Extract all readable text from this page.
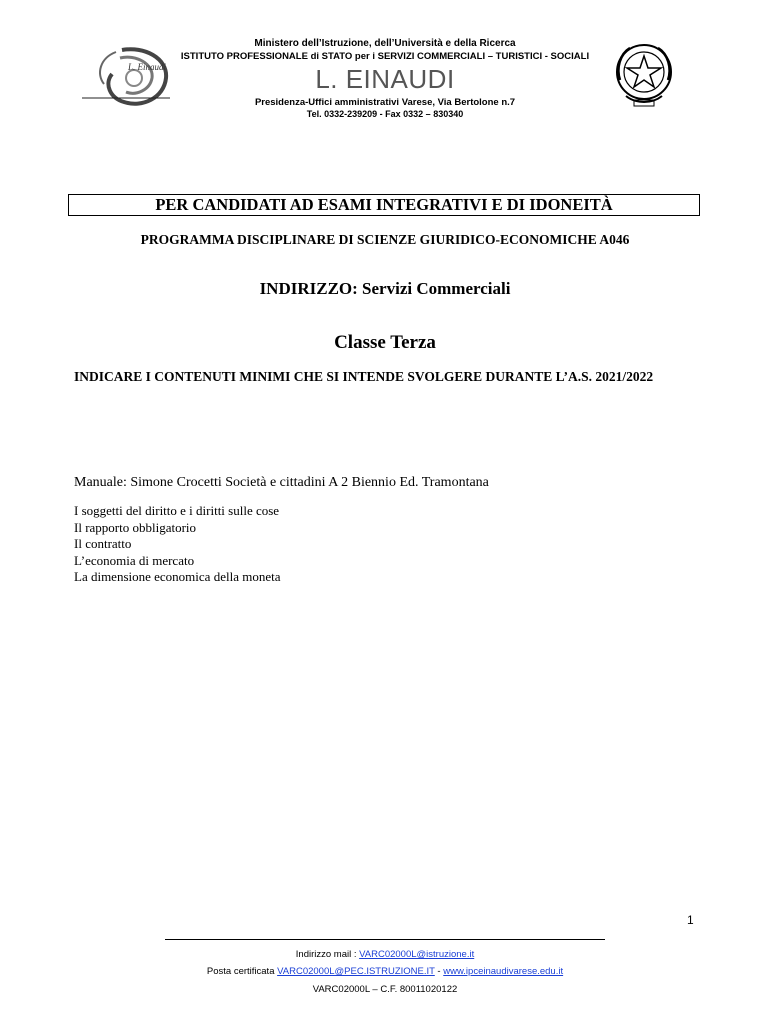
L. Einaudi
Ministero dell’Istruzione, dell’Università e della Ricerca
ISTITUTO PROFESSIONALE di STATO per i SERVIZI COMMERCIALI – TURISTICI - SOCIALI
L. EINAUDI
Presidenza-Uffici amministrativi Varese, Via Bertolone n.7
Tel. 0332-239209 - Fax 0332 – 830340
PER CANDIDATI AD ESAMI INTEGRATIVI E DI IDONEITÀ
PROGRAMMA DISCIPLINARE DI SCIENZE GIURIDICO-ECONOMICHE A046
INDIRIZZO: Servizi Commerciali
Classe Terza
INDICARE I CONTENUTI MINIMI CHE SI INTENDE SVOLGERE DURANTE L’A.S. 2021/2022
Manuale: Simone Crocetti Società e cittadini A 2 Biennio Ed. Tramontana
I soggetti del diritto e i diritti sulle cose
Il rapporto obbligatorio
Il contratto
L’economia di mercato
La dimensione economica della moneta
1
Indirizzo mail : VARC02000L@istruzione.it
Posta certificata VARC02000L@PEC.ISTRUZIONE.IT - www.ipceinaudivarese.edu.it
VARC02000L – C.F. 80011020122
